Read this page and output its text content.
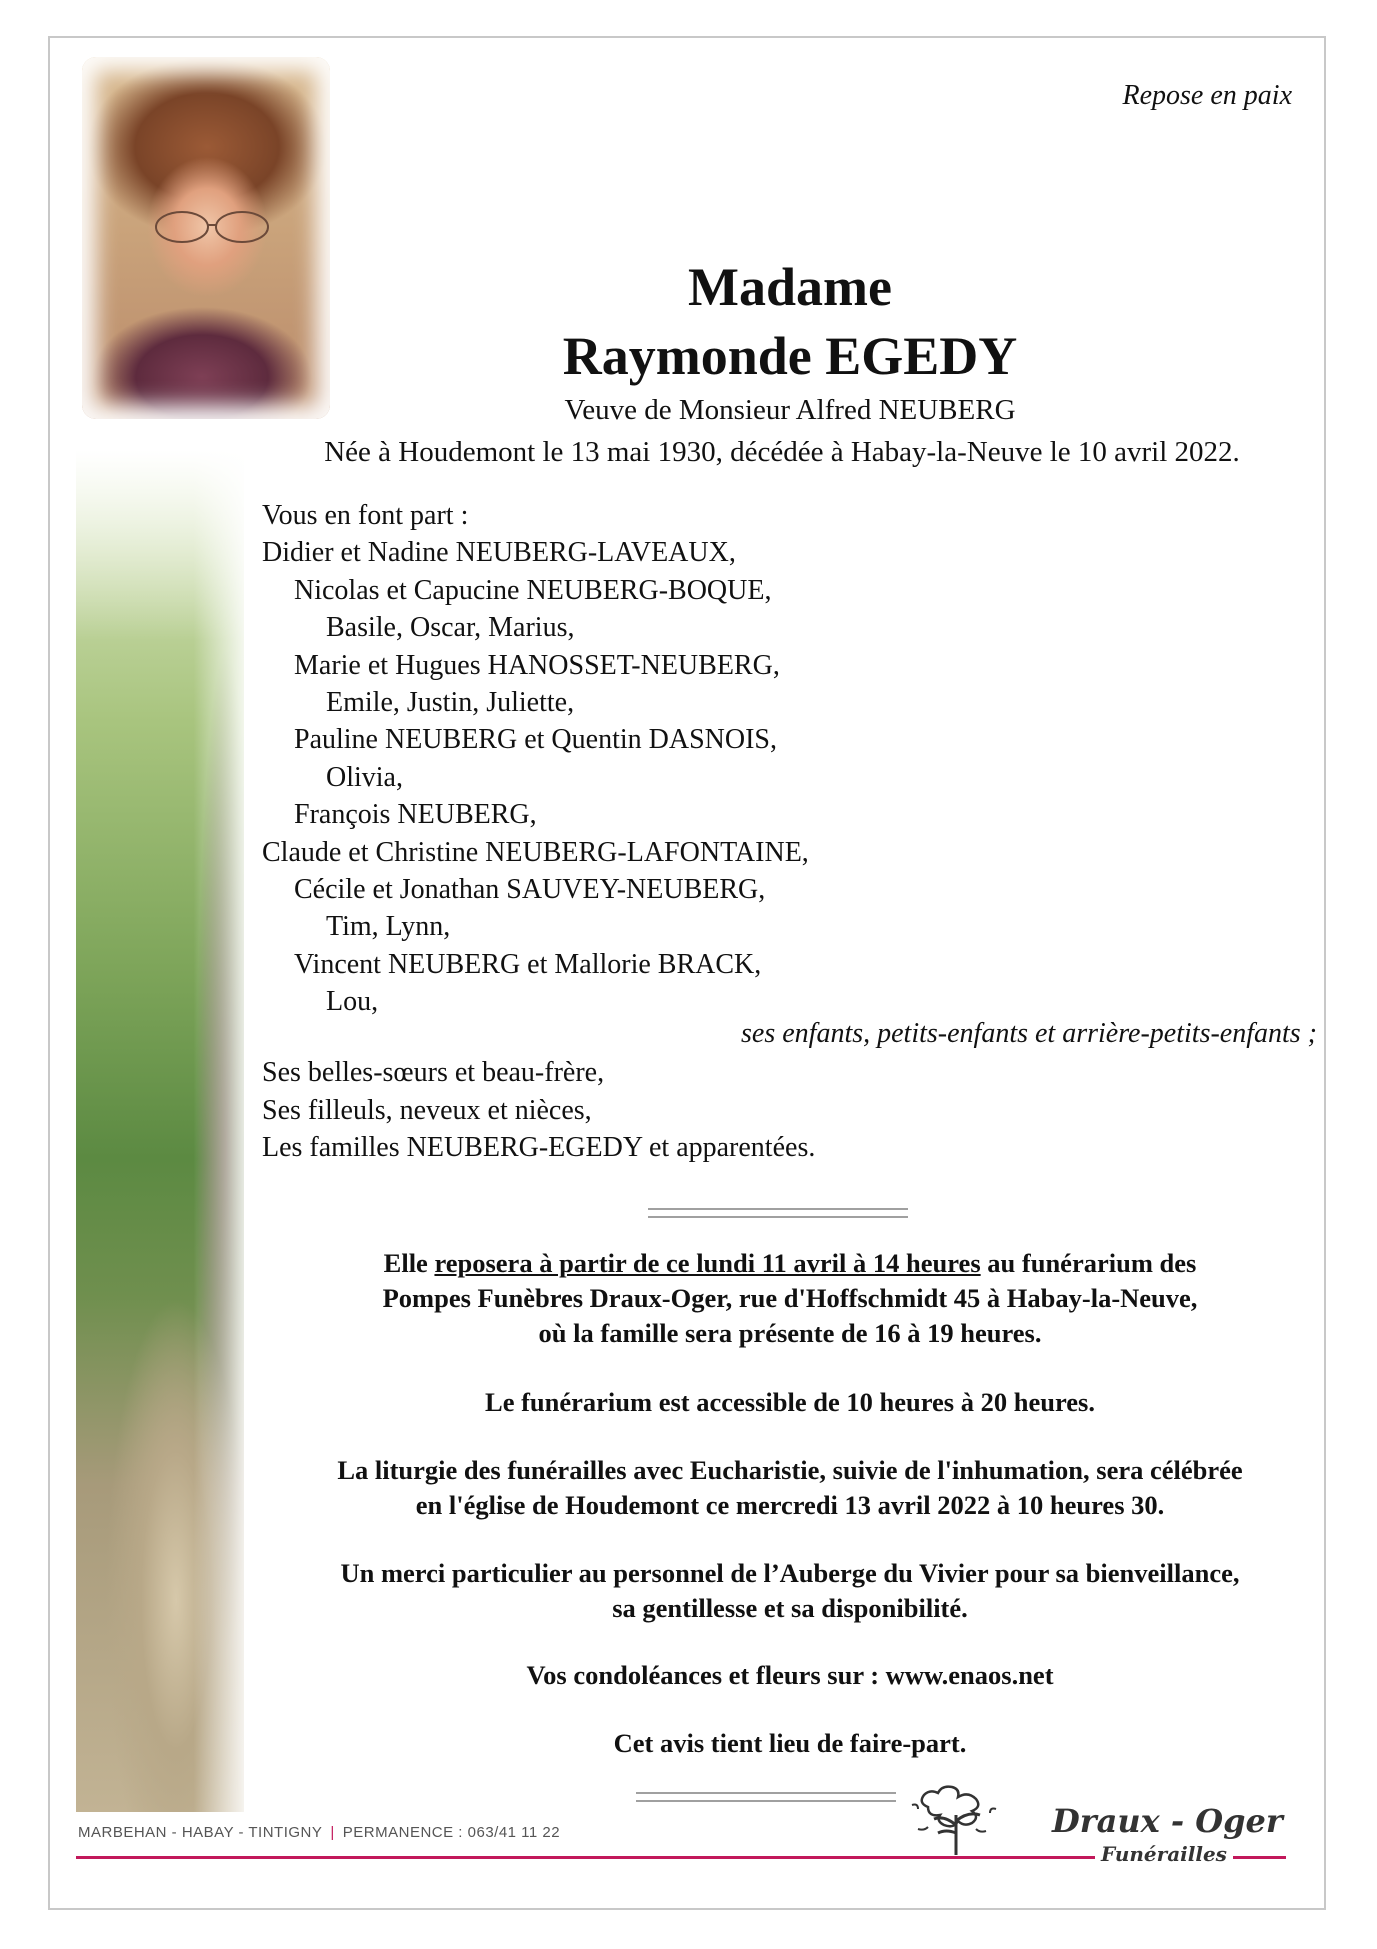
Repose en paix
Madame
Raymonde EGEDY
Veuve de Monsieur Alfred NEUBERG
Née à Houdemont le 13 mai 1930, décédée à Habay-la-Neuve le 10 avril 2022.
Vous en font part :
Didier et Nadine NEUBERG-LAVEAUX,
Nicolas et Capucine NEUBERG-BOQUE,
Basile, Oscar, Marius,
Marie et Hugues HANOSSET-NEUBERG,
Emile, Justin, Juliette,
Pauline NEUBERG et Quentin DASNOIS,
Olivia,
François NEUBERG,
Claude et Christine NEUBERG-LAFONTAINE,
Cécile et Jonathan SAUVEY-NEUBERG,
Tim, Lynn,
Vincent NEUBERG et Mallorie BRACK,
Lou,
ses enfants, petits-enfants et arrière-petits-enfants ;
Ses belles-sœurs et beau-frère,
Ses filleuls, neveux et nièces,
Les familles NEUBERG-EGEDY et apparentées.
Elle reposera à partir de ce lundi 11 avril à 14 heures au funérarium des
Pompes Funèbres Draux-Oger, rue d'Hoffschmidt 45 à Habay-la-Neuve,
où la famille sera présente de 16 à 19 heures.
Le funérarium est accessible de 10 heures à 20 heures.
La liturgie des funérailles avec Eucharistie, suivie de l'inhumation, sera célébrée
en l'église de Houdemont ce mercredi 13 avril 2022 à 10 heures 30.
Un merci particulier au personnel de l’Auberge du Vivier pour sa bienveillance,
sa gentillesse et sa disponibilité.
Vos condoléances et fleurs sur : www.enaos.net
Cet avis tient lieu de faire-part.
MARBEHAN - HABAY - TINTIGNY | PERMANENCE : 063/41 11 22	Draux - Oger
Funérailles
